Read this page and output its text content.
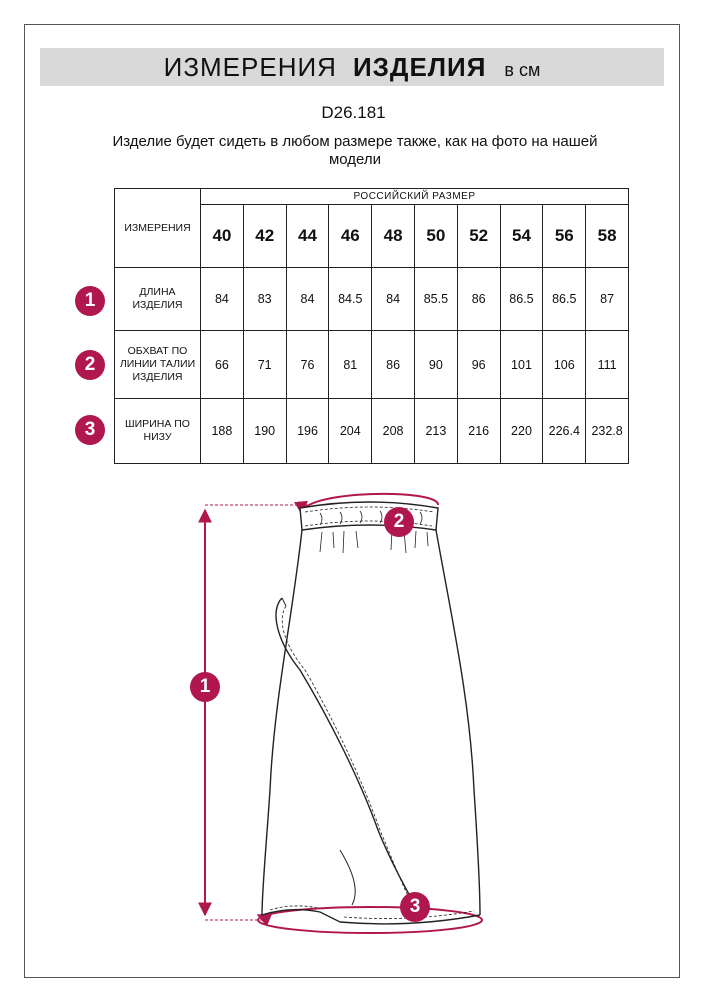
ИЗМЕРЕНИЯ ИЗДЕЛИЯ в см
D26.181
Изделие будет сидеть в любом размере также, как на фото на нашей модели
ИЗМЕРЕНИЯ	РОССИЙСКИЙ РАЗМЕР									
	40	42	44	46	48	50	52	54	56	58
ДЛИНА ИЗДЕЛИЯ	84	83	84	84.5	84	85.5	86	86.5	86.5	87
ОБХВАТ ПО ЛИНИИ ТАЛИИ ИЗДЕЛИЯ	66	71	76	81	86	90	96	101	106	111
ШИРИНА ПО НИЗУ	188	190	196	204	208	213	216	220	226.4	232.8
1
2
3
1
2
3
